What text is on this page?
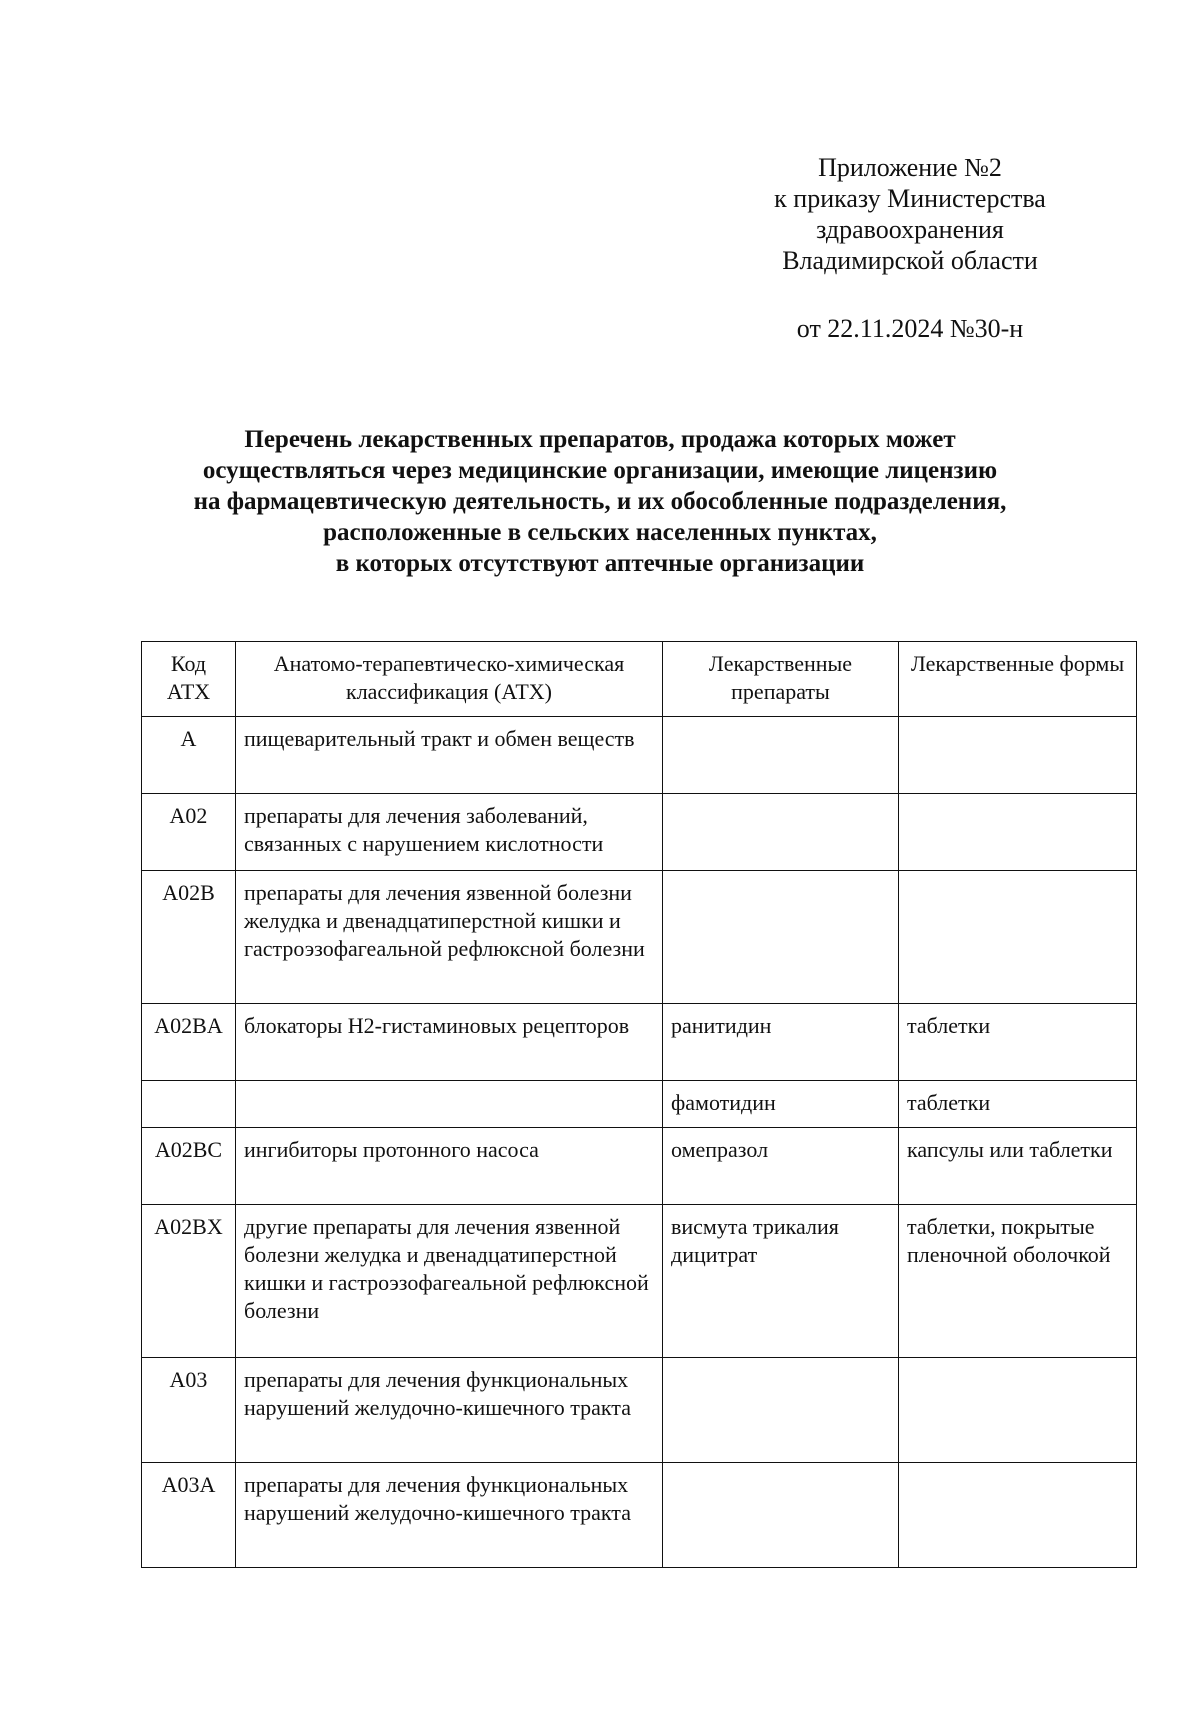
Приложение №2
к приказу Министерства
здравоохранения
Владимирской области
от 22.11.2024 №30-н
Перечень лекарственных препаратов, продажа которых может
осуществляться через медицинские организации, имеющие лицензию
на фармацевтическую деятельность, и их обособленные подразделения,
расположенные в сельских населенных пунктах,
в которых отсутствуют аптечные организации
Код АТХ	Анатомо-терапевтическо-химическая классификация (АТХ)	Лекарственные препараты	Лекарственные формы
A	пищеварительный тракт и обмен веществ		
A02	препараты для лечения заболеваний, связанных с нарушением кислотности		
A02B	препараты для лечения язвенной болезни желудка и двенадцатиперстной кишки и гастроэзофагеальной рефлюксной болезни		
A02BA	блокаторы H2-гистаминовых рецепторов	ранитидин	таблетки
		фамотидин	таблетки
A02BC	ингибиторы протонного насоса	омепразол	капсулы или таблетки
A02BX	другие препараты для лечения язвенной болезни желудка и двенадцатиперстной кишки и гастроэзофагеальной рефлюксной болезни	висмута трикалия дицитрат	таблетки, покрытые пленочной оболочкой
A03	препараты для лечения функциональных нарушений желудочно-кишечного тракта		
A03A	препараты для лечения функциональных нарушений желудочно-кишечного тракта		
